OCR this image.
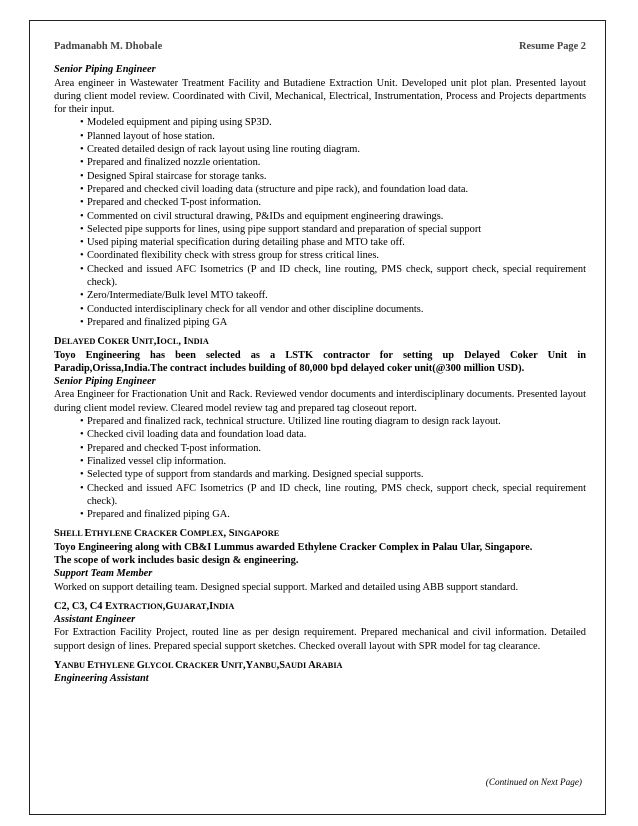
Padmanabh M. Dhobale	Resume Page 2
Senior Piping Engineer
Area engineer in Wastewater Treatment Facility and Butadiene Extraction Unit. Developed unit plot plan. Presented layout during client model review. Coordinated with Civil, Mechanical, Electrical, Instrumentation, Process and Projects departments for their input.
• Modeled equipment and piping using SP3D.
• Planned layout of hose station.
• Created detailed design of rack layout using line routing diagram.
• Prepared and finalized nozzle orientation.
• Designed Spiral staircase for storage tanks.
• Prepared and checked civil loading data (structure and pipe rack), and foundation load data.
• Prepared and checked T-post information.
• Commented on civil structural drawing, P&IDs and equipment engineering drawings.
• Selected pipe supports for lines, using pipe support standard and preparation of special support
• Used piping material specification during detailing phase and MTO take off.
• Coordinated flexibility check with stress group for stress critical lines.
• Checked and issued AFC Isometrics (P and ID check, line routing, PMS check, support check, special requirement check).
• Zero/Intermediate/Bulk level MTO takeoff.
• Conducted interdisciplinary check for all vendor and other discipline documents.
• Prepared and finalized piping GA
DELAYED COKER UNIT,IOCL, INDIA
Toyo Engineering has been selected as a LSTK contractor for setting up Delayed Coker Unit in Paradip,Orissa,India.The contract includes building of 80,000 bpd delayed coker unit(@300 million USD).
Senior Piping Engineer
Area Engineer for Fractionation Unit and Rack. Reviewed vendor documents and interdisciplinary documents. Presented layout during client model review. Cleared model review tag and prepared tag closeout report.
• Prepared and finalized rack, technical structure. Utilized line routing diagram to design rack layout.
• Checked civil loading data and foundation load data.
• Prepared and checked T-post information.
• Finalized vessel clip information.
• Selected type of support from standards and marking. Designed special supports.
• Checked and issued AFC Isometrics (P and ID check, line routing, PMS check, support check, special requirement check).
• Prepared and finalized piping GA.
SHELL ETHYLENE CRACKER COMPLEX, SINGAPORE
Toyo Engineering along with CB&I Lummus awarded Ethylene Cracker Complex in Palau Ular, Singapore.
The scope of work includes basic design & engineering.
Support Team Member
Worked on support detailing team. Designed special support. Marked and detailed using ABB support standard.
C2, C3, C4 EXTRACTION,GUJARAT,INDIA
Assistant Engineer
For Extraction Facility Project, routed line as per design requirement. Prepared mechanical and civil information. Detailed support design of lines. Prepared special support sketches. Checked overall layout with SPR model for tag clearance.
YANBU ETHYLENE GLYCOL CRACKER UNIT,YANBU,SAUDI ARABIA
Engineering Assistant
(Continued on Next Page)
